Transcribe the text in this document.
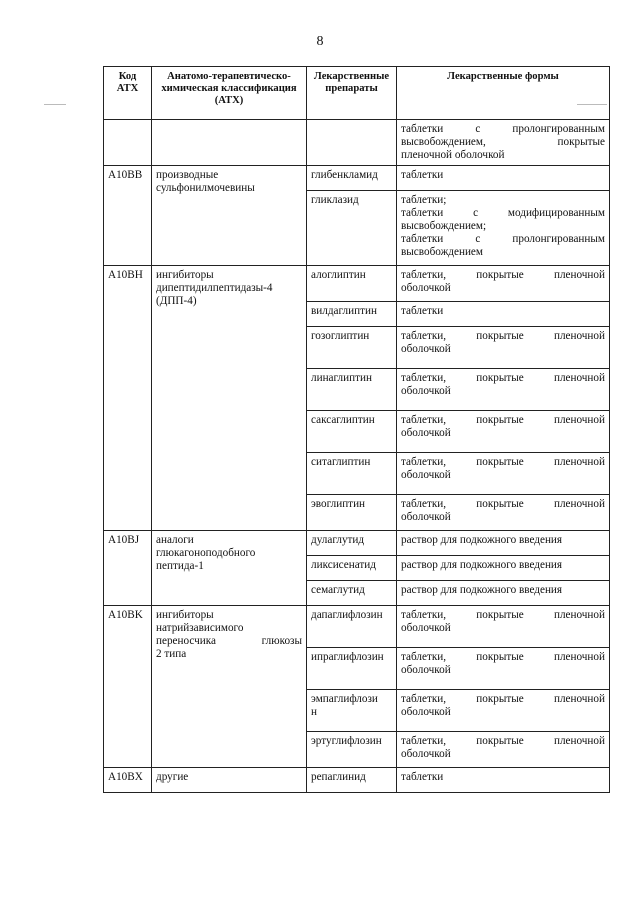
8
Код АТХ	Анатомо-терапевтическо-химическая классификация (АТХ)	Лекарственные препараты	Лекарственные формы

			таблетки с пролонгированным
высвобождением, покрытые
пленочной оболочкой

A10BB	производные сульфонилмочевины	глибенкламид	таблетки

		гликлазид	таблетки;
таблетки с модифицированным
высвобождением;
таблетки с пролонгированным
высвобождением

A10BH	ингибиторы
дипептидилпептидазы-4
(ДПП-4)	алоглиптин	таблетки, покрытые пленочной
оболочкой

		вилдаглиптин	таблетки

		гозоглиптин	таблетки, покрытые пленочной
оболочкой

		линаглиптин	таблетки, покрытые пленочной
оболочкой

		саксаглиптин	таблетки, покрытые пленочной
оболочкой

		ситаглиптин	таблетки, покрытые пленочной
оболочкой

		эвоглиптин	таблетки, покрытые пленочной
оболочкой

A10BJ	аналоги
глюкагоноподобного
пептида-1	дулаглутид	раствор для подкожного введения

		ликсисенатид	раствор для подкожного введения

		семаглутид	раствор для подкожного введения

A10BK	ингибиторы
натрийзависимого
переносчика глюкозы
2 типа	дапаглифлозин	таблетки, покрытые пленочной
оболочкой

		ипраглифлозин	таблетки, покрытые пленочной
оболочкой

		эмпаглифлози
н	таблетки, покрытые пленочной
оболочкой

		эртуглифлозин	таблетки, покрытые пленочной
оболочкой

A10BX	другие	репаглинид	таблетки
